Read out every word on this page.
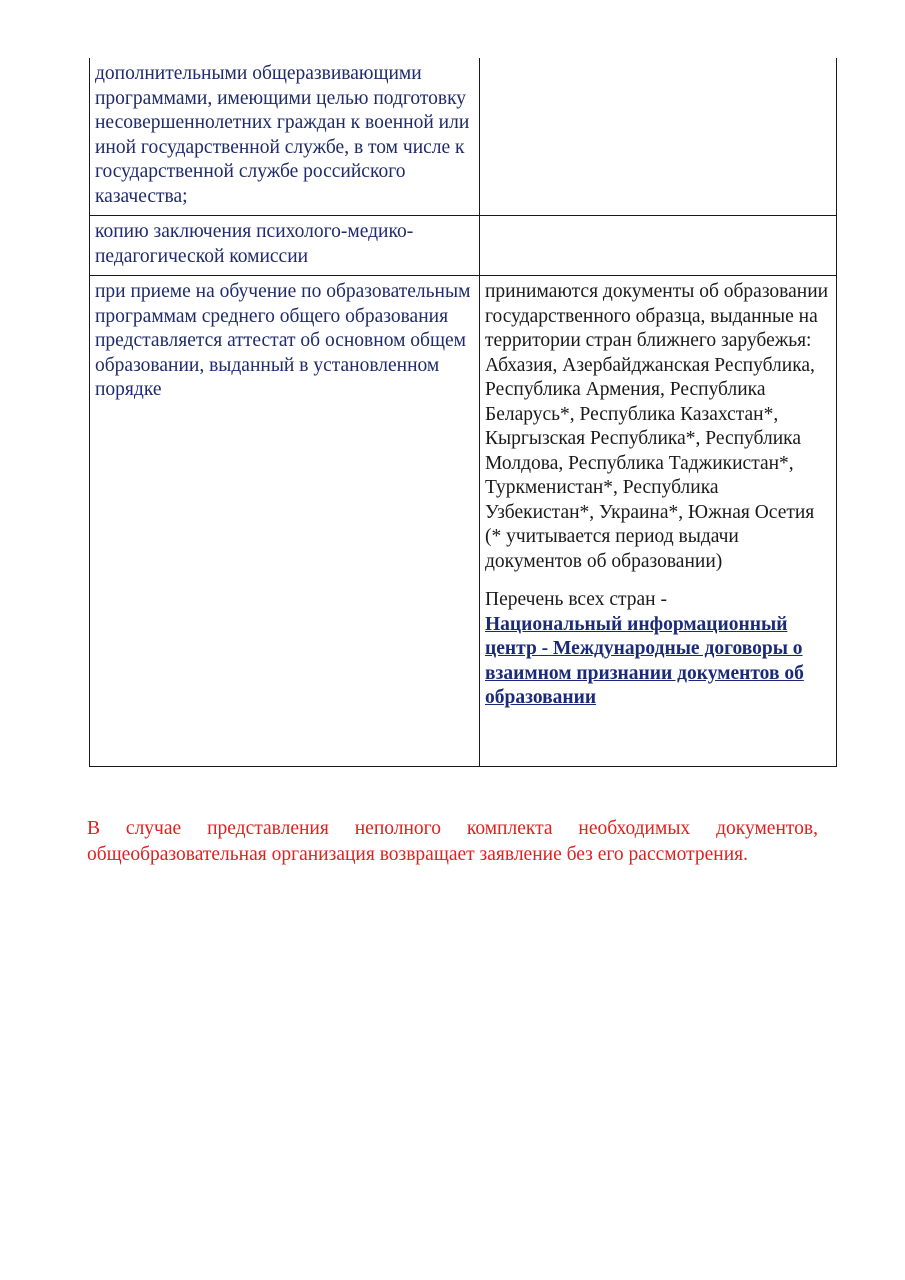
дополнительными общеразвивающими программами, имеющими целью подготовку несовершеннолетних граждан к военной или иной государственной службе, в том числе к государственной службе российского казачества;	

копию заключения психолого-медико-педагогической комиссии	

при приеме на обучение по образовательным программам среднего общего образования представляется аттестат об основном общем образовании, выданный в установленном порядке	принимаются документы об образовании государственного образца, выданные на территории стран ближнего зарубежья: Абхазия, Азербайджанская Республика, Республика Армения, Республика Беларусь*, Республика Казахстан*, Кыргызская Республика*, Республика Молдова, Республика Таджикистан*, Туркменистан*, Республика Узбекистан*, Украина*, Южная Осетия (* учитывается период выдачи документов об образовании)

Перечень всех стран -

Национальный информационный центр - Международные договоры о взаимном признании документов об образовании

В случае представления неполного комплекта необходимых документов, общеобразовательная организация возвращает заявление без его рассмотрения.
